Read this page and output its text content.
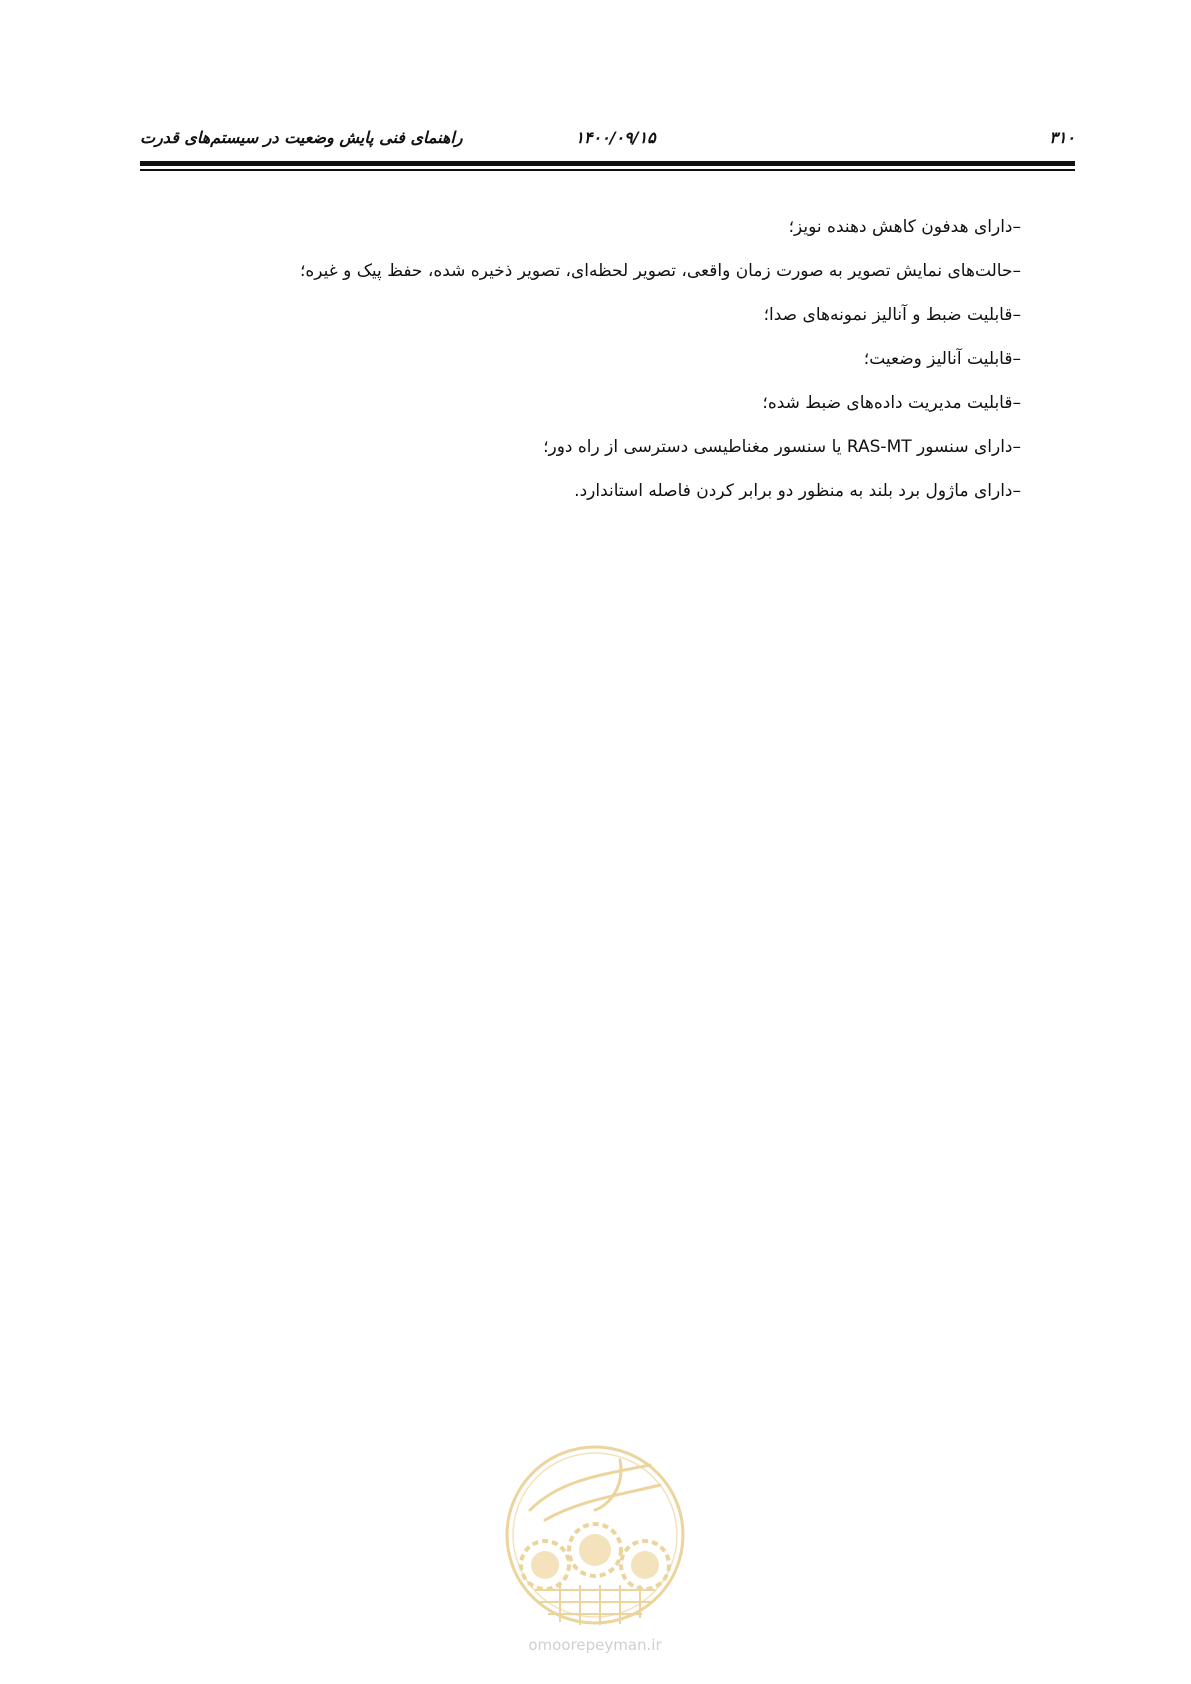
۳۱۰
۱۴۰۰/۰۹/۱۵
راهنمای فنی پایش وضعیت در سیستم‌های قدرت
–دارای هدفون کاهش دهنده نویز؛
–حالت‌های نمایش تصویر به صورت زمان واقعی، تصویر لحظه‌ای، تصویر ذخیره شده، حفظ پیک و غیره؛
–قابلیت ضبط و آنالیز نمونه‌های صدا؛
–قابلیت آنالیز وضعیت؛
–قابلیت مدیریت داده‌های ضبط شده؛
–دارای سنسور RAS-MT یا سنسور مغناطیسی دسترسی از راه دور؛
–دارای ماژول برد بلند به منظور دو برابر کردن فاصله استاندارد.
omoorepeyman.ir
